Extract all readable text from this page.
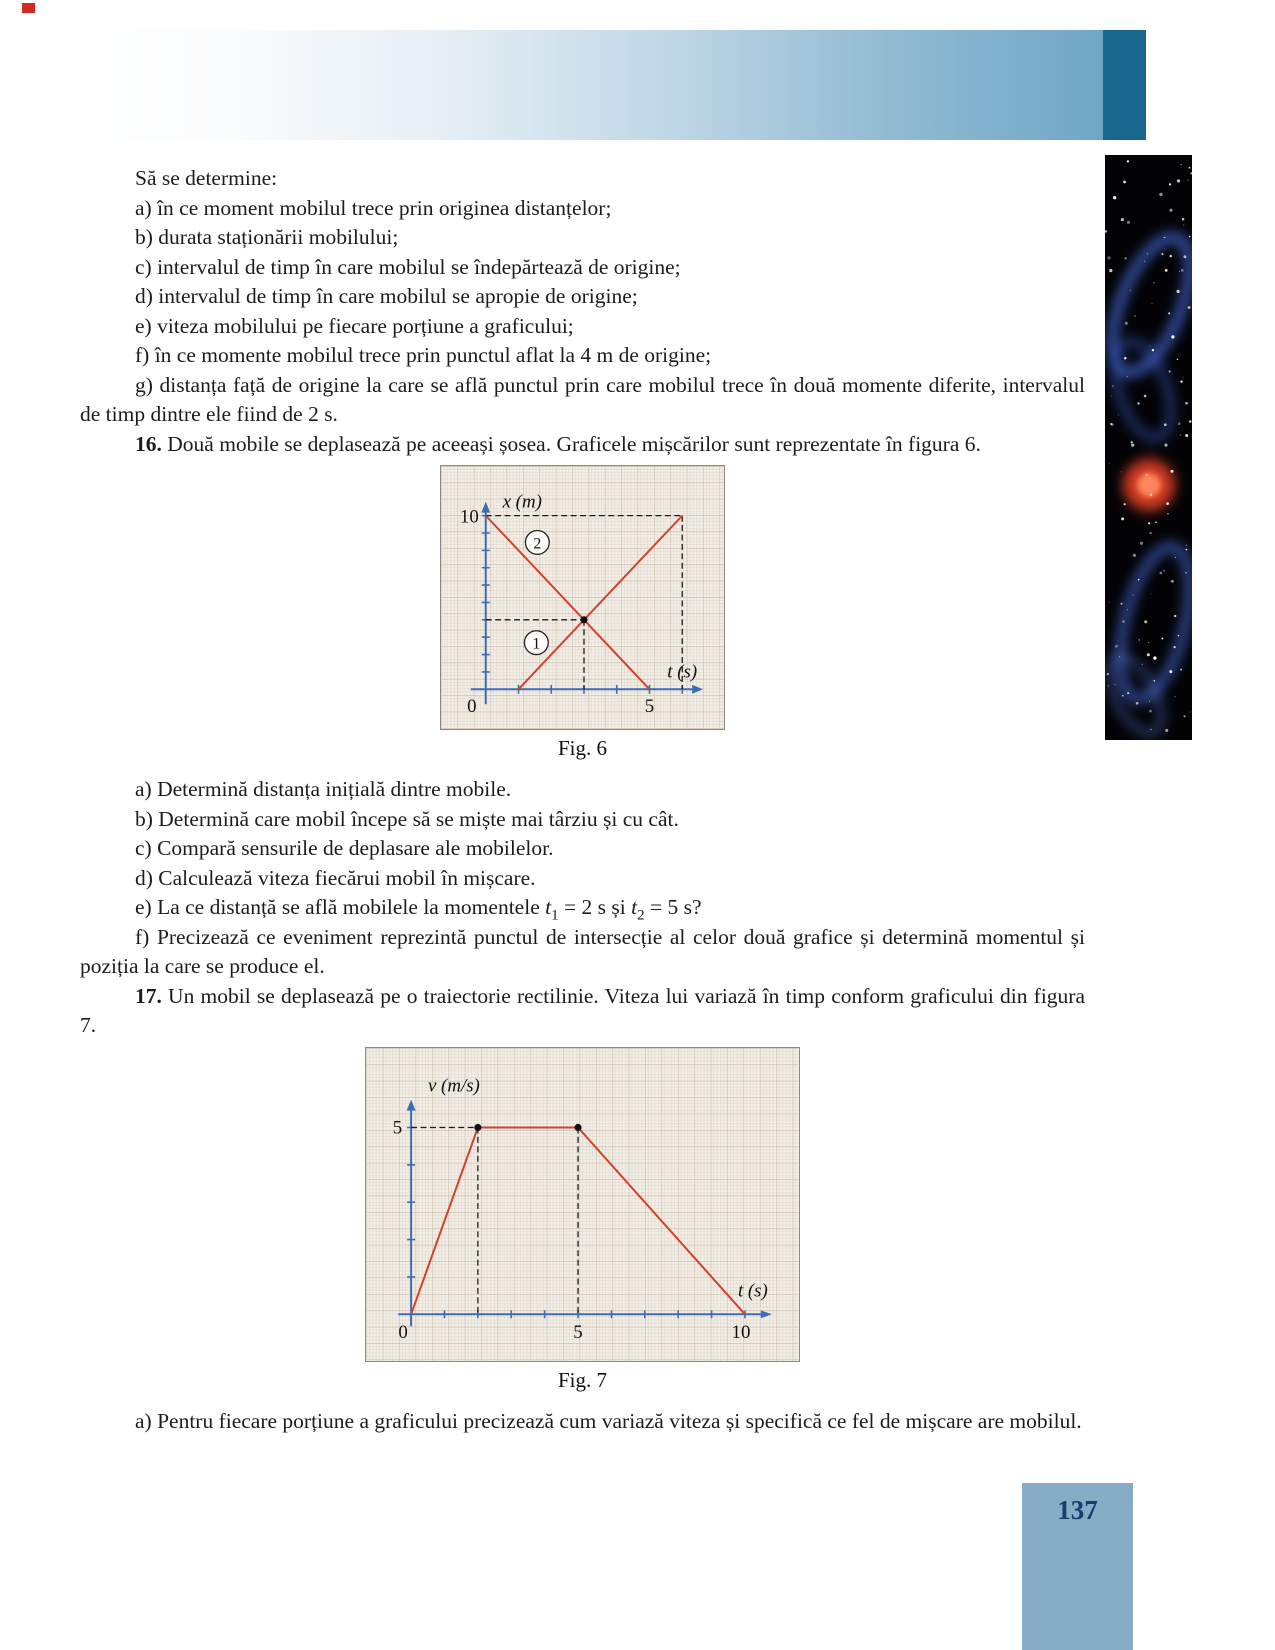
Să se determine:

a) în ce moment mobilul trece prin originea distanțelor;

b) durata staționării mobilului;

c) intervalul de timp în care mobilul se îndepărtează de origine;

d) intervalul de timp în care mobilul se apropie de origine;

e) viteza mobilului pe fiecare porțiune a graficului;

f) în ce momente mobilul trece prin punctul aflat la 4 m de origine;

g) distanța față de origine la care se află punctul prin care mobilul trece în două momente diferite, intervalul de timp dintre ele fiind de 2 s.

16. Două mobile se deplasează pe aceeași șosea. Graficele mișcărilor sunt reprezentate în figura 6.

2
1
x (m)
t (s)
10
0	5
Fig. 6

a) Determină distanța inițială dintre mobile.

b) Determină care mobil începe să se miște mai târziu și cu cât.

c) Compară sensurile de deplasare ale mobilelor.

d) Calculează viteza fiecărui mobil în mișcare.

e) La ce distanță se află mobilele la momentele $t_1 = 2$ s și $t_2 = 5$ s?

f) Precizează ce eveniment reprezintă punctul de intersecție al celor două grafice și determină momentul și poziția la care se produce el.

17. Un mobil se deplasează pe o traiectorie rectilinie. Viteza lui variază în timp conform graficului din figura 7.

v (m/s)
t (s)
5
0	5	10
Fig. 7

a) Pentru fiecare porțiune a graficului precizează cum variază viteza și specifică ce fel de mișcare are mobilul.

137
